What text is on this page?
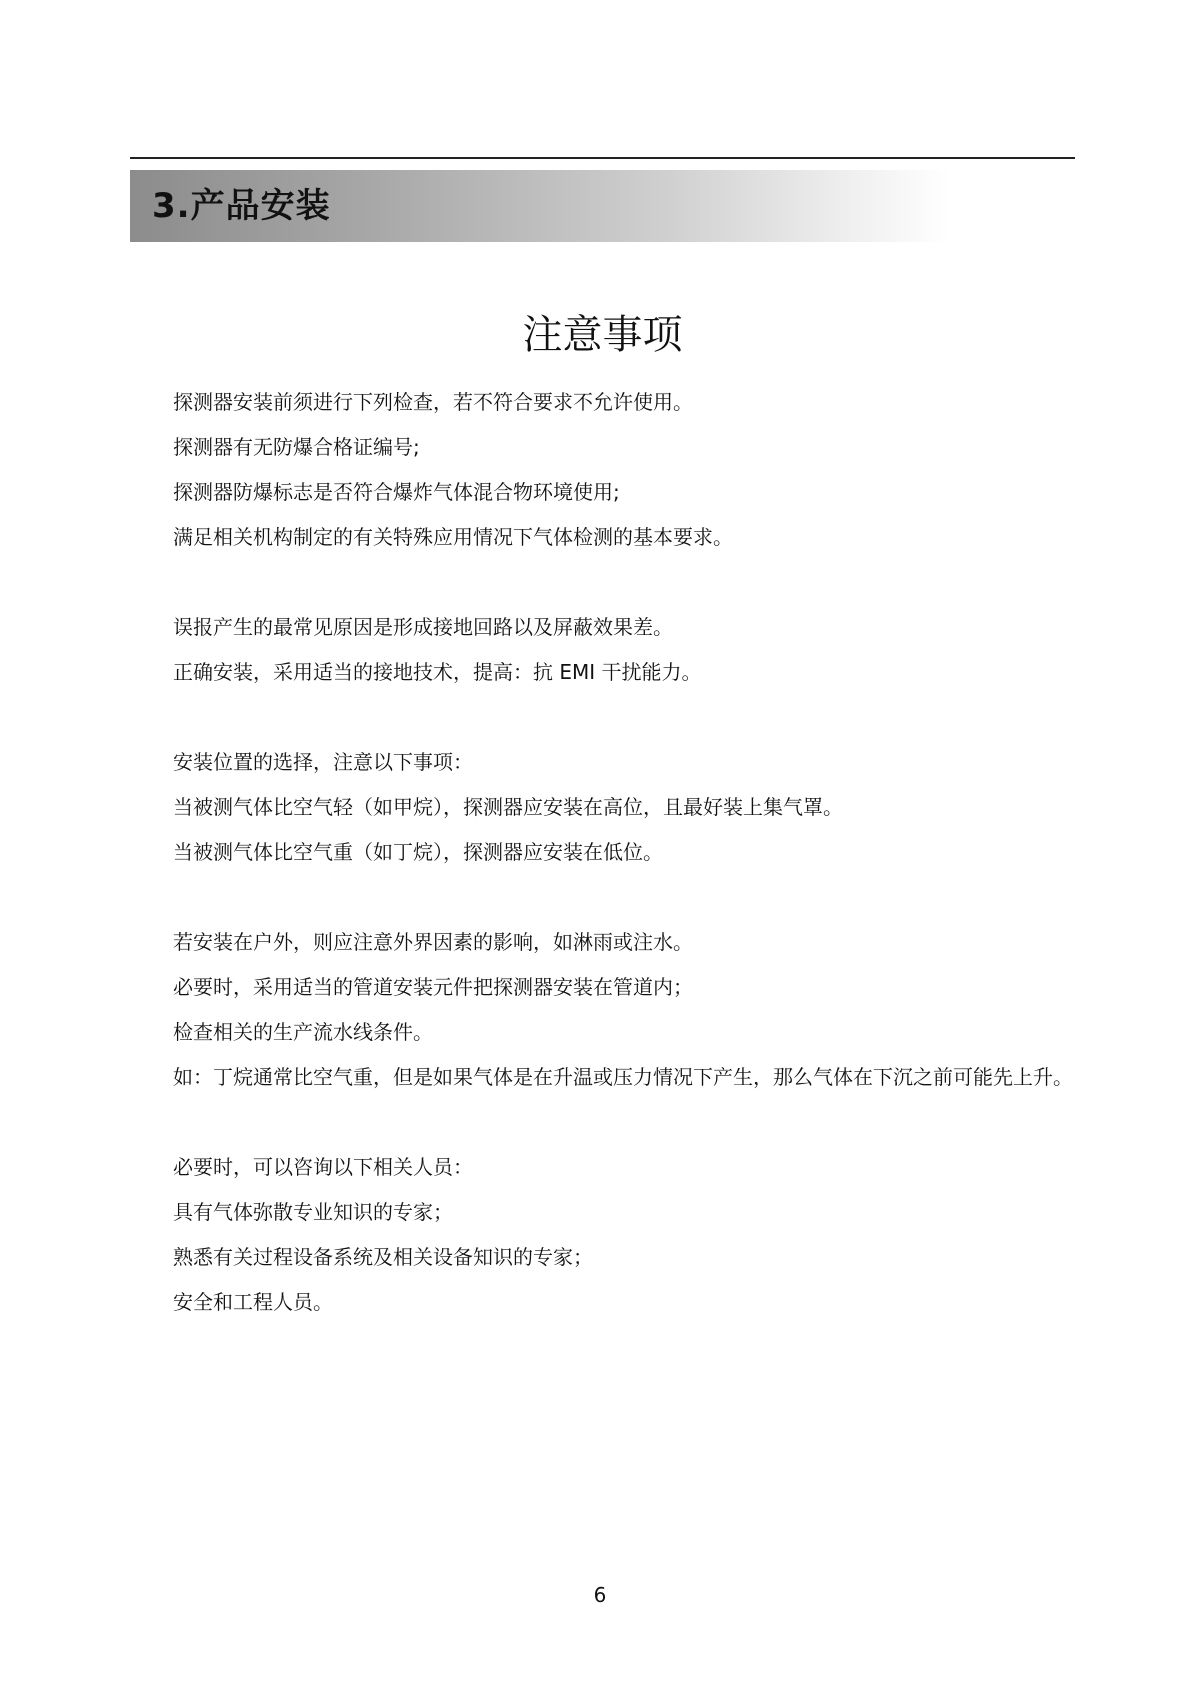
3.产品安装
注意事项

探测器安装前须进行下列检查，若不符合要求不允许使用。

探测器有无防爆合格证编号;

探测器防爆标志是否符合爆炸气体混合物环境使用;

满足相关机构制定的有关特殊应用情况下气体检测的基本要求。

误报产生的最常见原因是形成接地回路以及屏蔽效果差。

正确安装，采用适当的接地技术，提高：抗 EMI 干扰能力。

安装位置的选择，注意以下事项：

当被测气体比空气轻（如甲烷），探测器应安装在高位，且最好装上集气罩。

当被测气体比空气重（如丁烷），探测器应安装在低位。

若安装在户外，则应注意外界因素的影响，如淋雨或注水。

必要时，采用适当的管道安装元件把探测器安装在管道内；

检查相关的生产流水线条件。

如：丁烷通常比空气重，但是如果气体是在升温或压力情况下产生，那么气体在下沉之前可能先上升。

必要时，可以咨询以下相关人员：

具有气体弥散专业知识的专家；

熟悉有关过程设备系统及相关设备知识的专家；

安全和工程人员。

6
